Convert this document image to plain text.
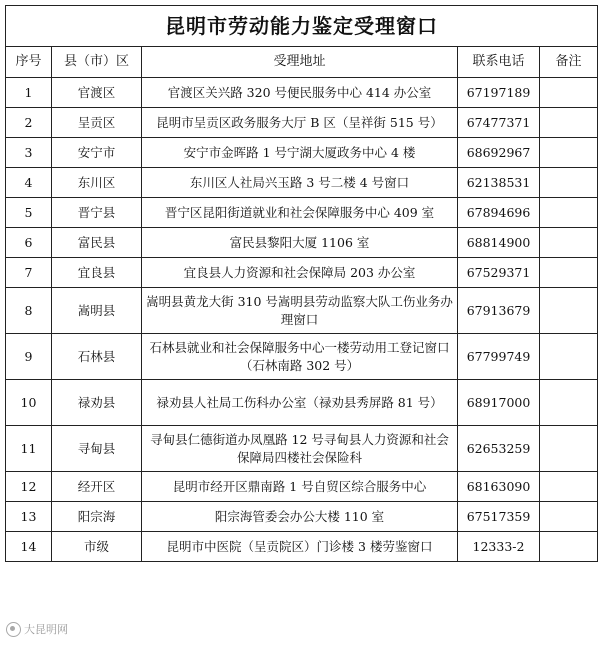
昆明市劳动能力鉴定受理窗口				
序号	县（市）区	受理地址	联系电话	备注
1	官渡区	官渡区关兴路 320 号便民服务中心 414 办公室	67197189	
2	呈贡区	昆明市呈贡区政务服务大厅 B 区（呈祥街 515 号）	67477371	
3	安宁市	安宁市金晖路 1 号宁湖大厦政务中心 4 楼	68692967	
4	东川区	东川区人社局兴玉路 3 号二楼 4 号窗口	62138531	
5	晋宁县	晋宁区昆阳街道就业和社会保障服务中心 409 室	67894696	
6	富民县	富民县黎阳大厦 1106 室	68814900	
7	宜良县	宜良县人力资源和社会保障局 203 办公室	67529371	
8	嵩明县	嵩明县黄龙大街 310 号嵩明县劳动监察大队工伤业务办理窗口	67913679	
9	石林县	石林县就业和社会保障服务中心一楼劳动用工登记窗口（石林南路 302 号）	67799749	
10	禄劝县	禄劝县人社局工伤科办公室（禄劝县秀屏路 81 号）	68917000	
11	寻甸县	寻甸县仁德街道办凤凰路 12 号寻甸县人力资源和社会保障局四楼社会保险科	62653259	
12	经开区	昆明市经开区鼎南路 1 号自贸区综合服务中心	68163090	
13	阳宗海	阳宗海管委会办公大楼 110 室	67517359	
14	市级	昆明市中医院（呈贡院区）门诊楼 3 楼劳鉴窗口	12333-2	
大昆明网
